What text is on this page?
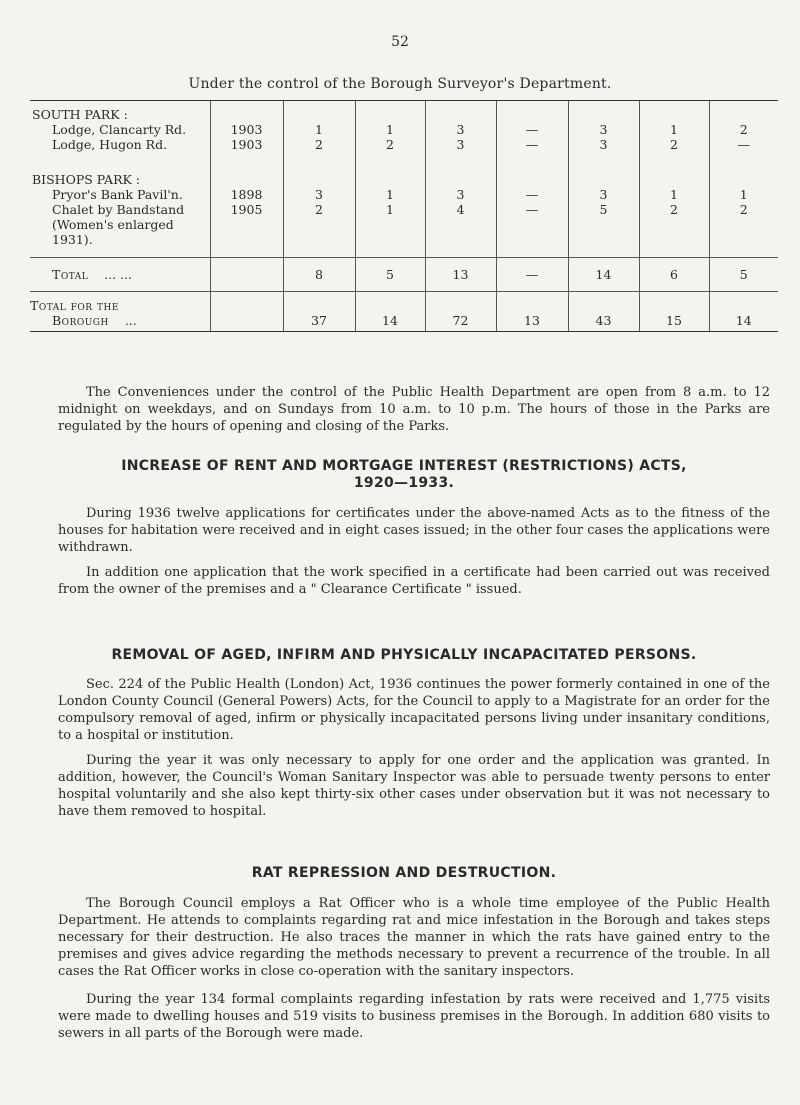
52
Under the control of the Borough Surveyor's Department.
SOUTH PARK :								
Lodge, Clancarty Rd.	1903	1	1	3	—	3	1	2
Lodge, Hugon Rd.	1903	2	2	3	—	3	2	—
BISHOPS PARK :								
Pryor's Bank Pavil'n.	1898	3	1	3	—	3	1	1
Chalet by Bandstand (Women's enlarged 1931).	1905	2	1	4	—	5	2	2
Total ... ...		8	5	13	—	14	6	5

Total for the
Borough ...		37	14	72	13	43	15	14

The Conveniences under the control of the Public Health Department are open from 8 a.m. to 12 midnight on weekdays, and on Sundays from 10 a.m. to 10 p.m. The hours of those in the Parks are regulated by the hours of opening and closing of the Parks.

INCREASE OF RENT AND MORTGAGE INTEREST (RESTRICTIONS) ACTS,

1920—1933.

During 1936 twelve applications for certificates under the above-named Acts as to the fitness of the houses for habitation were received and in eight cases issued; in the other four cases the applications were withdrawn.

In addition one application that the work specified in a certificate had been carried out was received from the owner of the premises and a " Clearance Certificate " issued.

REMOVAL OF AGED, INFIRM AND PHYSICALLY INCAPACITATED PERSONS.

Sec. 224 of the Public Health (London) Act, 1936 continues the power formerly contained in one of the London County Council (General Powers) Acts, for the Council to apply to a Magistrate for an order for the compulsory removal of aged, infirm or physically incapacitated persons living under insanitary conditions, to a hospital or institution.

During the year it was only necessary to apply for one order and the application was granted. In addition, however, the Council's Woman Sanitary Inspector was able to persuade twenty persons to enter hospital voluntarily and she also kept thirty-six other cases under observation but it was not necessary to have them removed to hospital.

RAT REPRESSION AND DESTRUCTION.

The Borough Council employs a Rat Officer who is a whole time employee of the Public Health Department. He attends to complaints regarding rat and mice infestation in the Borough and takes steps necessary for their destruction. He also traces the manner in which the rats have gained entry to the premises and gives advice regarding the methods necessary to prevent a recurrence of the trouble. In all cases the Rat Officer works in close co-operation with the sanitary inspectors.

During the year 134 formal complaints regarding infestation by rats were received and 1,775 visits were made to dwelling houses and 519 visits to business premises in the Borough. In addition 680 visits to sewers in all parts of the Borough were made.
